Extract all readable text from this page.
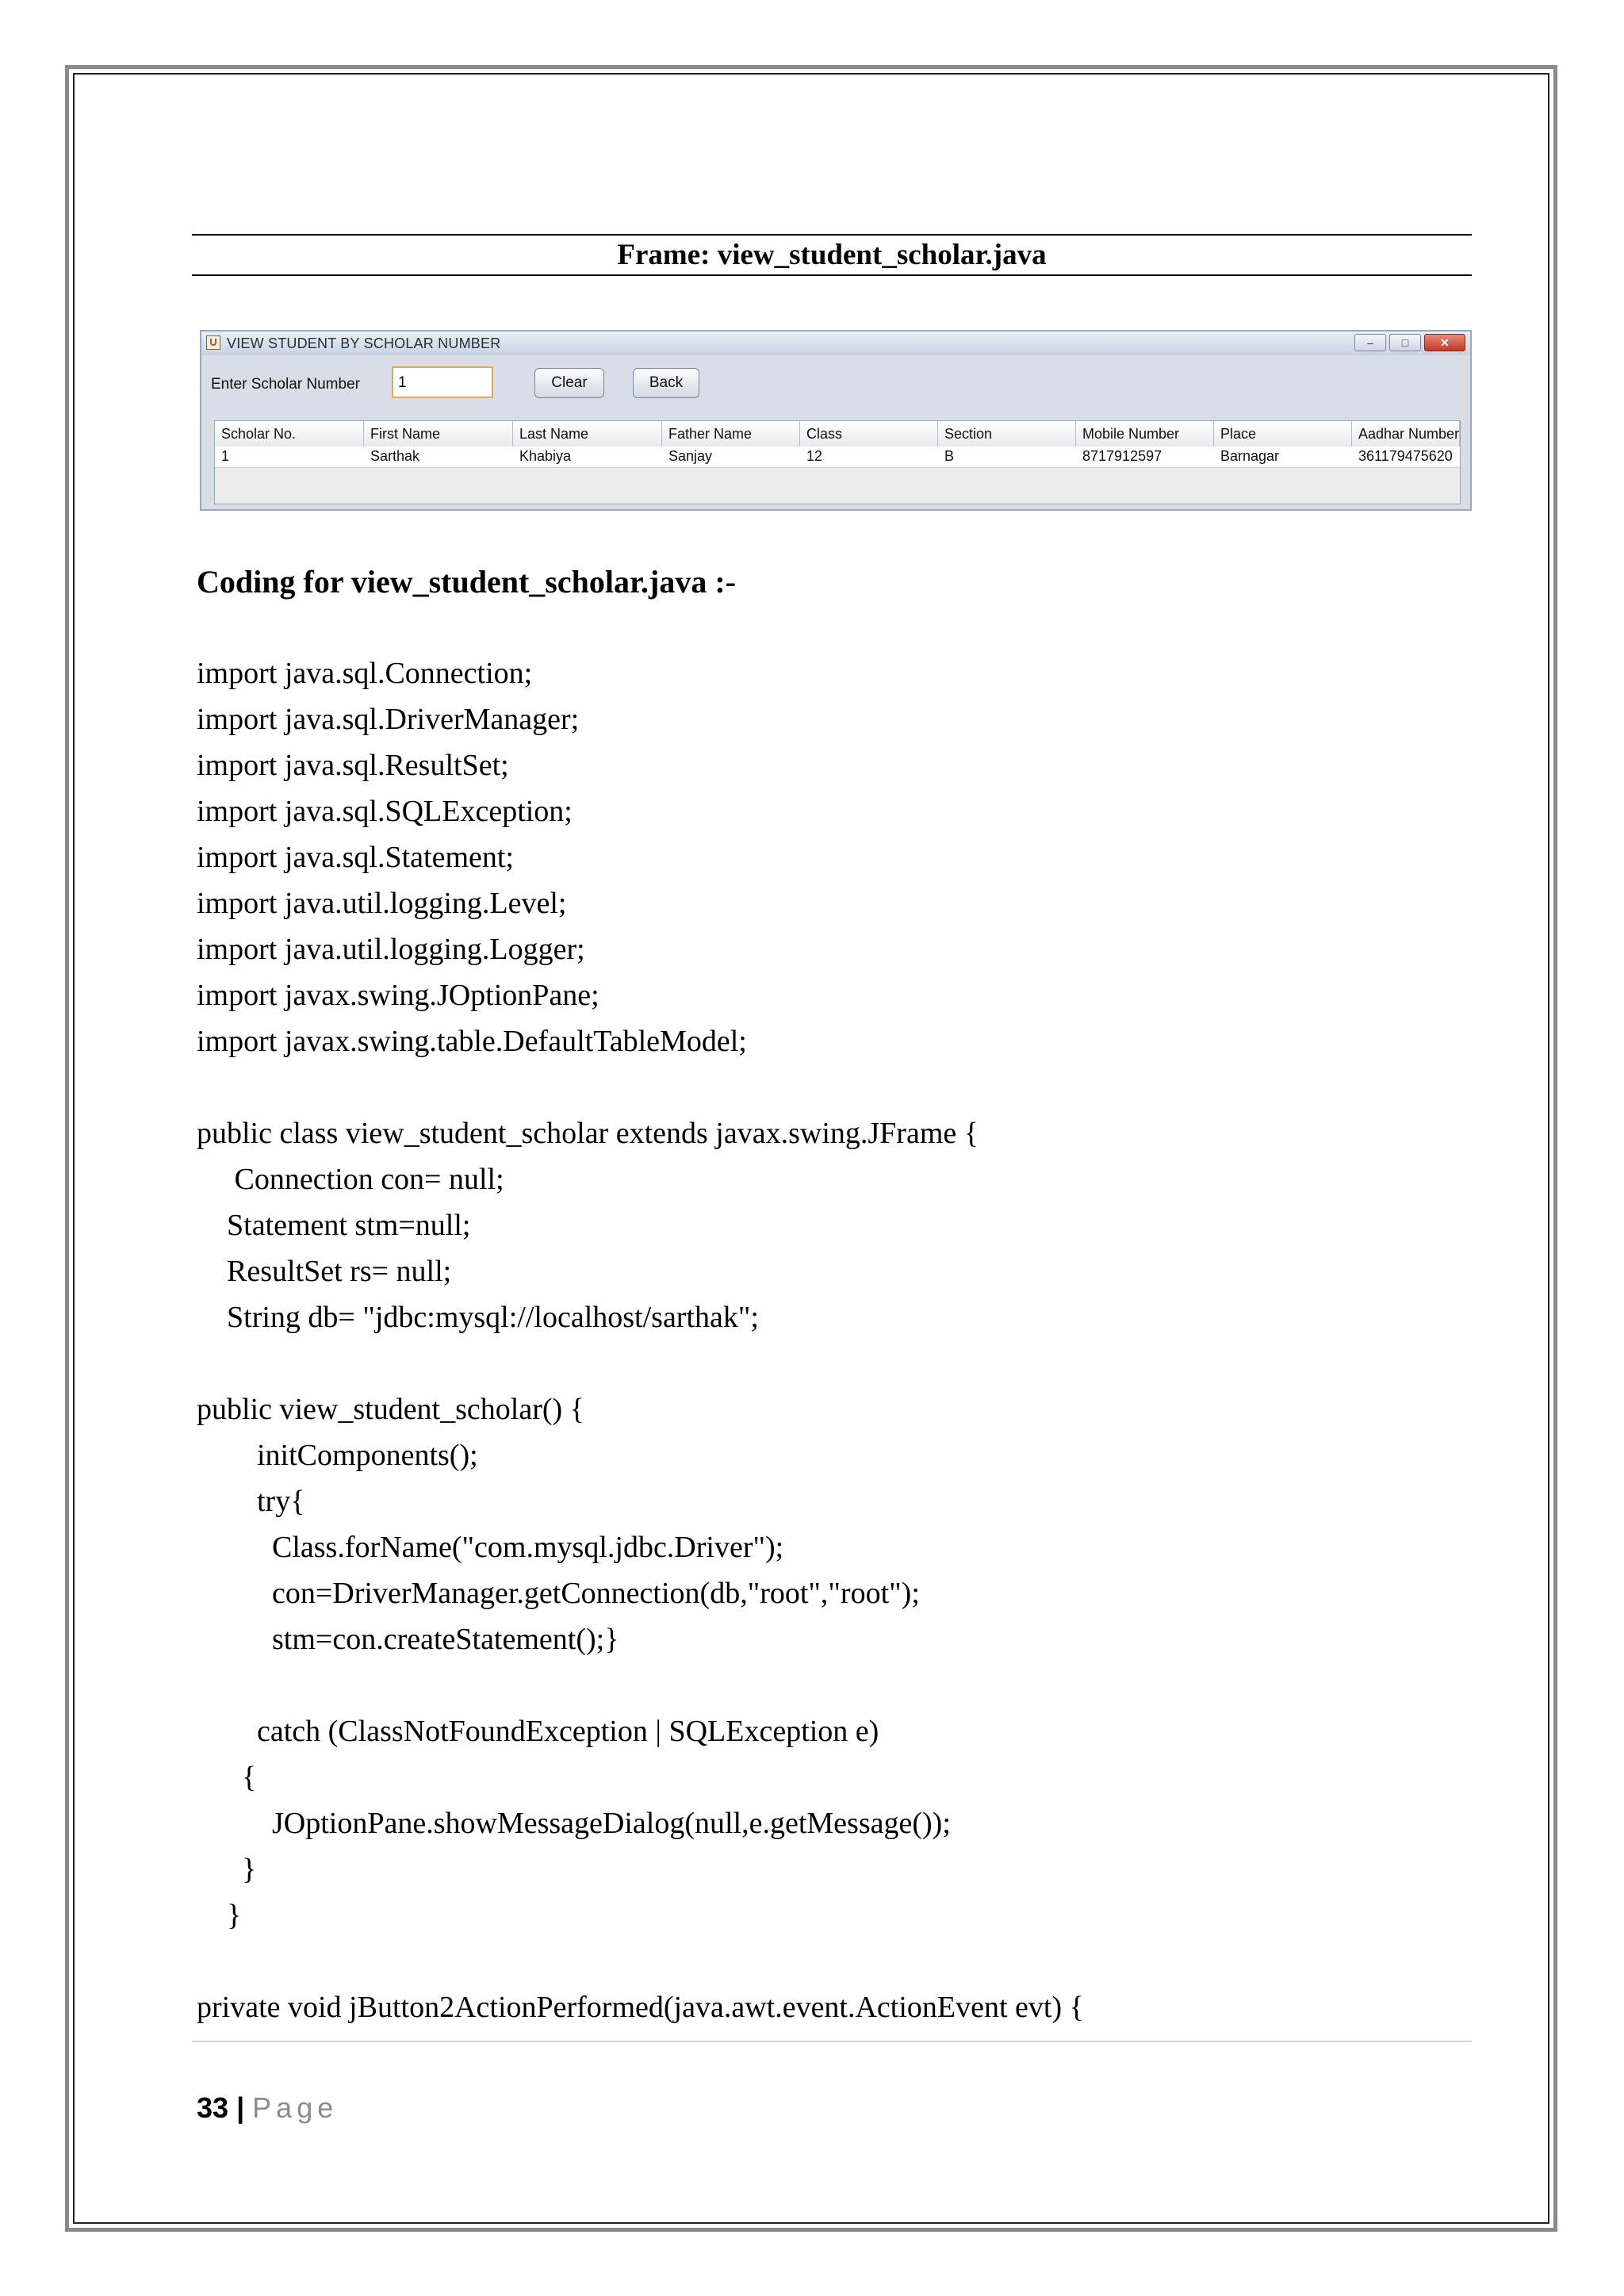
Frame: view_student_scholar.java
VIEW STUDENT BY SCHOLAR NUMBER	‒	□	✕
Enter Scholar Number	1	Clear	Back
Scholar No.	First Name	Last Name	Father Name	Class	Section	Mobile Number	Place	Aadhar Number
1	Sarthak	Khabiya	Sanjay	12	B	8717912597	Barnagar	361179475620
Coding for view_student_scholar.java :-
import java.sql.Connection;
import java.sql.DriverManager;
import java.sql.ResultSet;
import java.sql.SQLException;
import java.sql.Statement;
import java.util.logging.Level;
import java.util.logging.Logger;
import javax.swing.JOptionPane;
import javax.swing.table.DefaultTableModel;
public class view_student_scholar extends javax.swing.JFrame {
Connection con= null;
Statement stm=null;
ResultSet rs= null;
String db= "jdbc:mysql://localhost/sarthak";
public view_student_scholar() {
initComponents();
try{
Class.forName("com.mysql.jdbc.Driver");
con=DriverManager.getConnection(db,"root","root");
stm=con.createStatement();}
catch (ClassNotFoundException | SQLException e)
{
JOptionPane.showMessageDialog(null,e.getMessage());
}
}
private void jButton2ActionPerformed(java.awt.event.ActionEvent evt) {
33 | Page
